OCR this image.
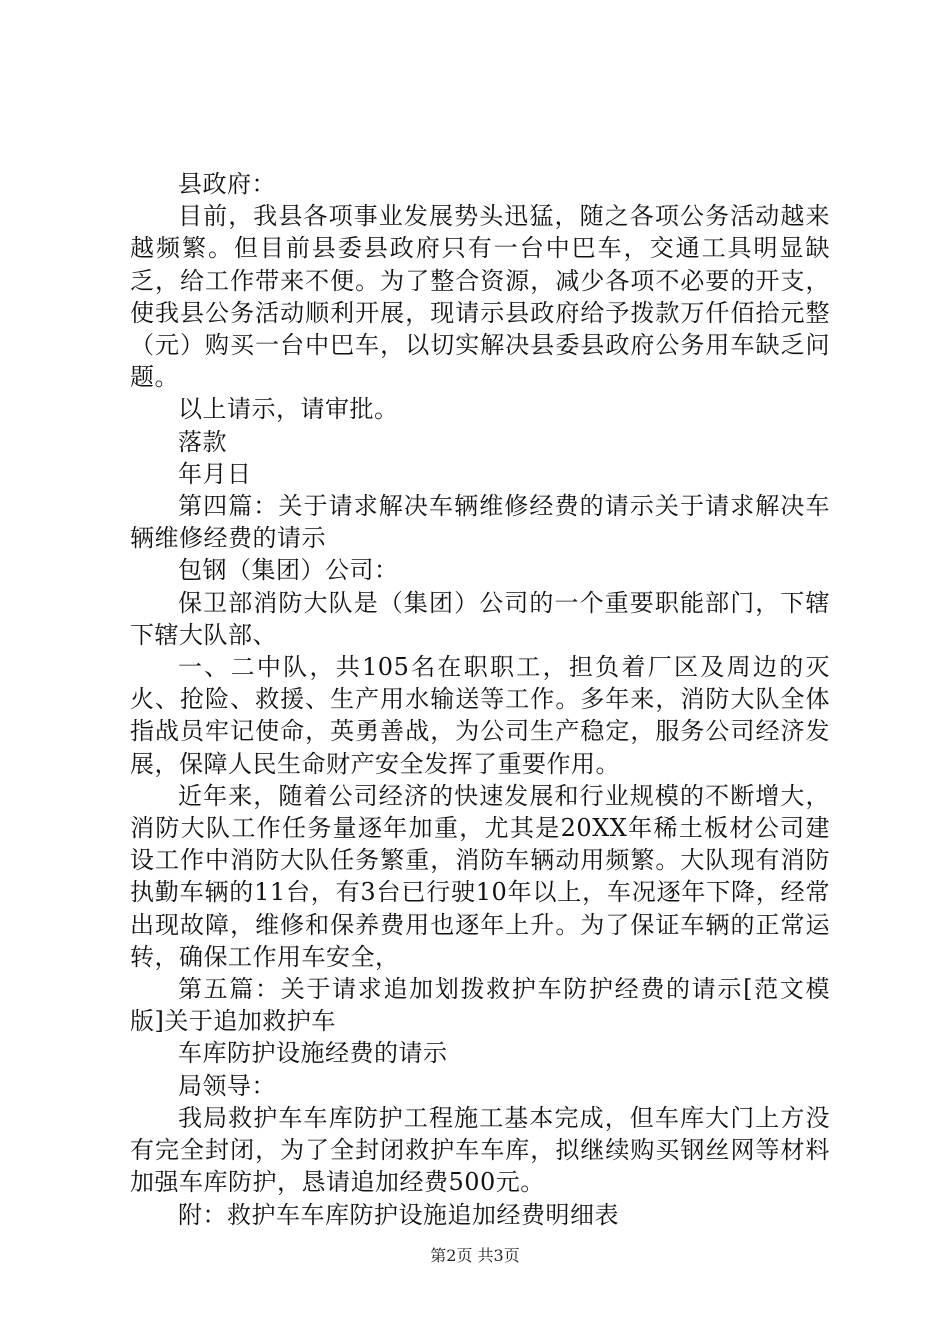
县政府：

目前，我县各项事业发展势头迅猛，随之各项公务活动越来越频繁。但目前县委县政府只有一台中巴车，交通工具明显缺乏，给工作带来不便。为了整合资源，减少各项不必要的开支，使我县公务活动顺利开展，现请示县政府给予拨款万仟佰拾元整（元）购买一台中巴车，以切实解决县委县政府公务用车缺乏问题。

以上请示，请审批。

落款

年月日

第四篇：关于请求解决车辆维修经费的请示关于请求解决车辆维修经费的请示

包钢（集团）公司：

保卫部消防大队是（集团）公司的一个重要职能部门，下辖下辖大队部、

一、二中队，共105名在职职工，担负着厂区及周边的灭火、抢险、救援、生产用水输送等工作。多年来，消防大队全体指战员牢记使命，英勇善战，为公司生产稳定，服务公司经济发展，保障人民生命财产安全发挥了重要作用。

近年来，随着公司经济的快速发展和行业规模的不断增大，消防大队工作任务量逐年加重，尤其是20XX年稀土板材公司建设工作中消防大队任务繁重，消防车辆动用频繁。大队现有消防执勤车辆的11台，有3台已行驶10年以上，车况逐年下降，经常出现故障，维修和保养费用也逐年上升。为了保证车辆的正常运转，确保工作用车安全，

第五篇：关于请求追加划拨救护车防护经费的请示[范文模版]关于追加救护车

车库防护设施经费的请示

局领导：

我局救护车车库防护工程施工基本完成，但车库大门上方没有完全封闭，为了全封闭救护车车库，拟继续购买钢丝网等材料加强车库防护，恳请追加经费500元。

附：救护车车库防护设施追加经费明细表

第2页 共3页
